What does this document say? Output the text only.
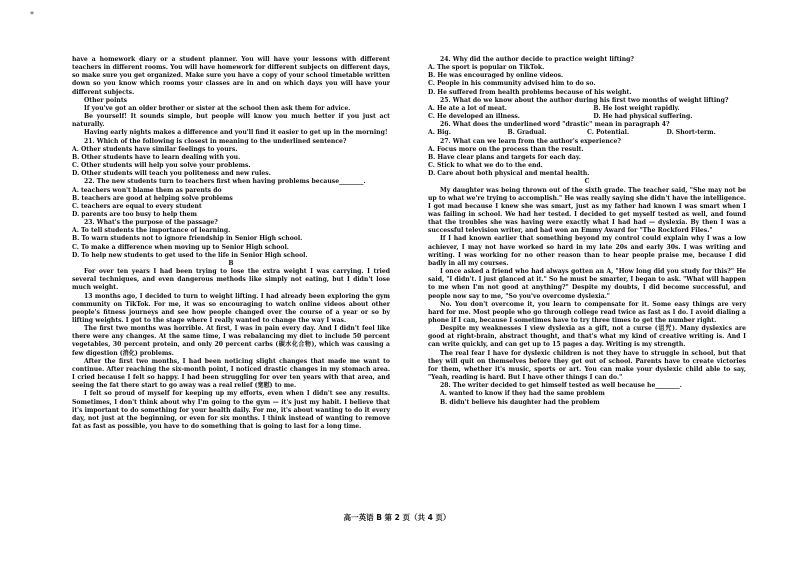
*

have a homework diary or a student planner. You will have your lessons with different teachers in different rooms. You will have homework for different subjects on different days, so make sure you get organized. Make sure you have a copy of your school timetable written down so you know which rooms your classes are in and on which days you will have your different subjects.

Other points

If you've got an older brother or sister at the school then ask them for advice.

Be yourself! It sounds simple, but people will know you much better if you just act naturally.

Having early nights makes a difference and you'll find it easier to get up in the morning!

21. Which of the following is closest in meaning to the underlined sentence?

A. Other students have similar feelings to yours.

B. Other students have to learn dealing with you.

C. Other students will help you solve your problems.

D. Other students will teach you politeness and new rules.

22. The new students turn to teachers first when having problems because________.

A. teachers won't blame them as parents do

B. teachers are good at helping solve problems

C. teachers are equal to every student

D. parents are too busy to help them

23. What's the purpose of the passage?

A. To tell students the importance of learning.

B. To warn students not to ignore friendship in Senior High school.

C. To make a difference when moving up to Senior High school.

D. To help new students to get used to the life in Senior High school.

B

For over ten years I had been trying to lose the extra weight I was carrying. I tried several techniques, and even dangerous methods like simply not eating, but I didn't lose much weight.

13 months ago, I decided to turn to weight lifting. I had already been exploring the gym community on TikTok. For me, it was so encouraging to watch online videos about other people's fitness journeys and see how people changed over the course of a year or so by lifting weights. I got to the stage where I really wanted to change the way I was.

The first two months was horrible. At first, I was in pain every day. And I didn't feel like there were any changes. At the same time, I was rebalancing my diet to include 50 percent vegetables, 30 percent protein, and only 20 percent carbs (碳水化合物), which was causing a few digestion (消化) problems.

After the first two months, I had been noticing slight changes that made me want to continue. After reaching the six-month point, I noticed drastic changes in my stomach area. I cried because I felt so happy. I had been struggling for over ten years with that area, and seeing the fat there start to go away was a real relief (宽慰) to me.

I felt so proud of myself for keeping up my efforts, even when I didn't see any results. Sometimes, I don't think about why I'm going to the gym — it's just my habit. I believe that it's important to do something for your health daily. For me, it's about wanting to do it every day, not just at the beginning, or even for six months. I think instead of wanting to remove fat as fast as possible, you have to do something that is going to last for a long time.

24. Why did the author decide to practice weight lifting?

A. The sport is popular on TikTok.

B. He was encouraged by online videos.

C. People in his community advised him to do so.

D. He suffered from health problems because of his weight.

25. What do we know about the author during his first two months of weight lifting?

A. He ate a lot of meat.	B. He lost weight rapidly.
C. He developed an illness.	D. He had physical suffering.

26. What does the underlined word "drastic" mean in paragraph 4?

A. Big.	B. Gradual.	C. Potential.	D. Short-term.

27. What can we learn from the author's experience?

A. Focus more on the process than the result.

B. Have clear plans and targets for each day.

C. Stick to what we do to the end.

D. Care about both physical and mental health.

C

My daughter was being thrown out of the sixth grade. The teacher said, "She may not be up to what we're trying to accomplish." He was really saying she didn't have the intelligence. I got mad because I knew she was smart, just as my father had known I was smart when I was failing in school. We had her tested. I decided to get myself tested as well, and found that the troubles she was having were exactly what I had had — dyslexia. By then I was a successful television writer, and had won an Emmy Award for "The Rockford Files."

If I had known earlier that something beyond my control could explain why I was a low achiever, I may not have worked so hard in my late 20s and early 30s. I was writing and writing. I was working for no other reason than to hear people praise me, because I did badly in all my courses.

I once asked a friend who had always gotten an A, "How long did you study for this?" He said, "I didn't. I just glanced at it." So he must be smarter, I began to ask. "What will happen to me when I'm not good at anything?" Despite my doubts, I did become successful, and people now say to me, "So you've overcome dyslexia."

No. You don't overcome it, you learn to compensate for it. Some easy things are very hard for me. Most people who go through college read twice as fast as I do. I avoid dialing a phone if I can, because I sometimes have to try three times to get the number right.

Despite my weaknesses I view dyslexia as a gift, not a curse (诅咒). Many dyslexics are good at right-brain, abstract thought, and that's what my kind of creative writing is. And I can write quickly, and can get up to 15 pages a day. Writing is my strength.

The real fear I have for dyslexic children is not they have to struggle in school, but that they will quit on themselves before they get out of school. Parents have to create victories for them, whether it's music, sports or art. You can make your dyslexic child able to say, "Yeah, reading is hard. But I have other things I can do."

28. The writer decided to get himself tested as well because he________.

A. wanted to know if they had the same problem

B. didn't believe his daughter had the problem

高一英语 B 第 2 页（共 4 页）
